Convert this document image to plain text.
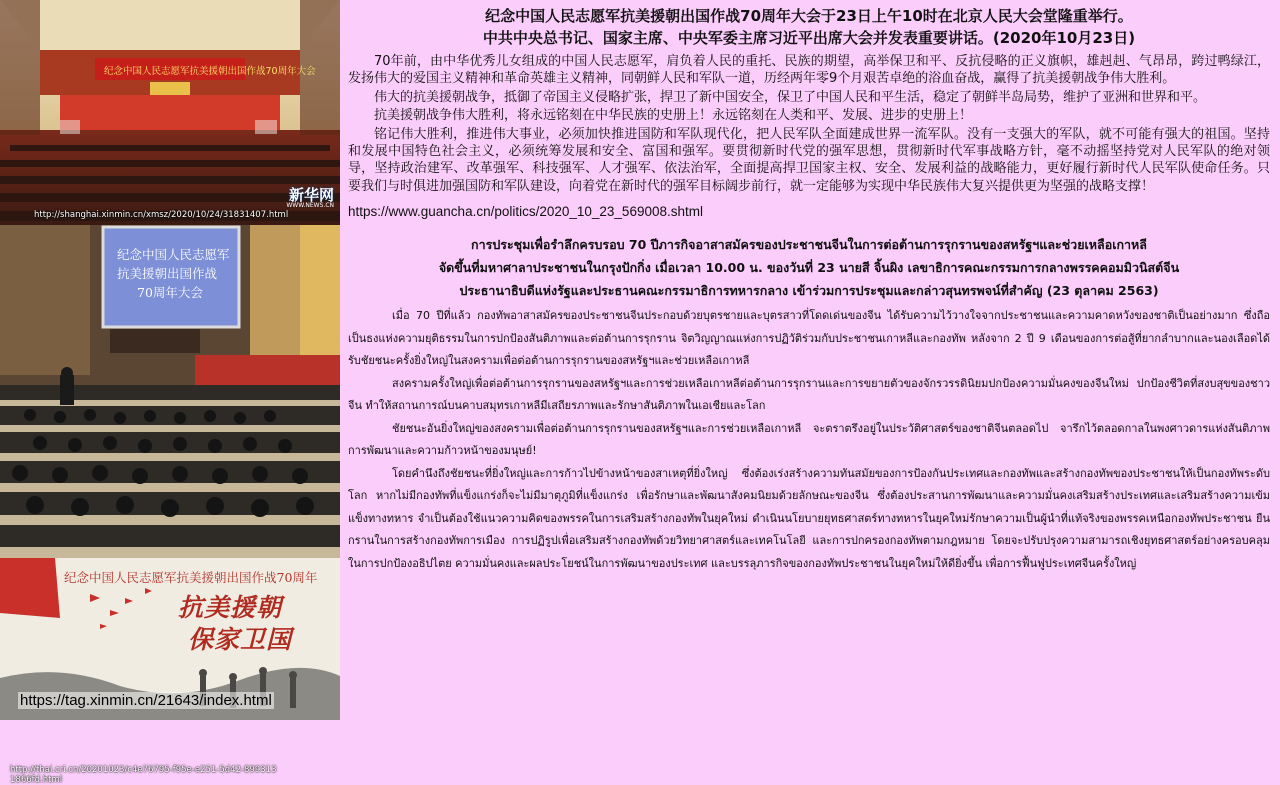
纪念中国人民志愿军抗美援朝出国作战70周年大会
新华网
WWW.NEWS.CN
http://shanghai.xinmin.cn/xmsz/2020/10/24/31831407.html
纪念中国人民志愿军
抗美援朝出国作战
70周年大会
http://thai.cri.cn/20201023/c4e76795-f95e-e251-5d42-8993131866fd.html
纪念中国人民志愿军抗美援朝出国作战70周年
抗美援朝
保家卫国
https://tag.xinmin.cn/21643/index.html
纪念中国人民志愿军抗美援朝出国作战70周年大会于23日上午10时在北京人民大会堂隆重举行。
中共中央总书记、国家主席、中央军委主席习近平出席大会并发表重要讲话。(2020年10月23日)

70年前，由中华优秀儿女组成的中国人民志愿军，肩负着人民的重托、民族的期望，高举保卫和平、反抗侵略的正义旗帜，雄赳赳、气昂昂，跨过鸭绿江，发扬伟大的爱国主义精神和革命英雄主义精神，同朝鲜人民和军队一道，历经两年零9个月艰苦卓绝的浴血奋战，赢得了抗美援朝战争伟大胜利。

伟大的抗美援朝战争，抵御了帝国主义侵略扩张，捍卫了新中国安全，保卫了中国人民和平生活，稳定了朝鲜半岛局势，维护了亚洲和世界和平。

抗美援朝战争伟大胜利，将永远铭刻在中华民族的史册上！永远铭刻在人类和平、发展、进步的史册上！

铭记伟大胜利，推进伟大事业，必须加快推进国防和军队现代化，把人民军队全面建成世界一流军队。没有一支强大的军队，就不可能有强大的祖国。坚持和发展中国特色社会主义，必须统筹发展和安全、富国和强军。要贯彻新时代党的强军思想，贯彻新时代军事战略方针，毫不动摇坚持党对人民军队的绝对领导，坚持政治建军、改革强军、科技强军、人才强军、依法治军，全面提高捍卫国家主权、安全、发展利益的战略能力，更好履行新时代人民军队使命任务。只要我们与时俱进加强国防和军队建设，向着党在新时代的强军目标阔步前行，就一定能够为实现中华民族伟大复兴提供更为坚强的战略支撑！

https://www.guancha.cn/politics/2020_10_23_569008.shtml

การประชุมเพื่อรำลึกครบรอบ 70 ปีภารกิจอาสาสมัครของประชาชนจีนในการต่อต้านการรุกรานของสหรัฐฯและช่วยเหลือเกาหลี
จัดขึ้นที่มหาศาลาประชาชนในกรุงปักกิ่ง เมื่อเวลา 10.00 น. ของวันที่ 23 นายสี จิ้นผิง เลขาธิการคณะกรรมการกลางพรรคคอมมิวนิสต์จีน
ประธานาธิบดีแห่งรัฐและประธานคณะกรรมาธิการทหารกลาง เข้าร่วมการประชุมและกล่าวสุนทรพจน์ที่สำคัญ (23 ตุลาคม 2563)

เมื่อ 70 ปีที่แล้ว กองทัพอาสาสมัครของประชาชนจีนประกอบด้วยบุตรชายและบุตรสาวที่โดดเด่นของจีน ได้รับความไว้วางใจจากประชาชนและความคาดหวังของชาติเป็นอย่างมาก ซึ่งถือเป็นธงแห่งความยุติธรรมในการปกป้องสันติภาพและต่อต้านการรุกราน จิตวิญญาณแห่งการปฏิวัติร่วมกับประชาชนเกาหลีและกองทัพ หลังจาก 2 ปี 9 เดือนของการต่อสู้ที่ยากลำบากและนองเลือดได้รับชัยชนะครั้งยิ่งใหญ่ในสงครามเพื่อต่อต้านการรุกรานของสหรัฐฯและช่วยเหลือเกาหลี

สงครามครั้งใหญ่เพื่อต่อต้านการรุกรานของสหรัฐฯและการช่วยเหลือเกาหลีต่อต้านการรุกรานและการขยายตัวของจักรวรรดินิยมปกป้องความมั่นคงของจีนใหม่ ปกป้องชีวิตที่สงบสุขของชาวจีน ทำให้สถานการณ์บนคาบสมุทรเกาหลีมีเสถียรภาพและรักษาสันติภาพในเอเชียและโลก

ชัยชนะอันยิ่งใหญ่ของสงครามเพื่อต่อต้านการรุกรานของสหรัฐฯและการช่วยเหลือเกาหลี จะตราตรึงอยู่ในประวัติศาสตร์ของชาติจีนตลอดไป จารึกไว้ตลอดกาลในพงศาวดารแห่งสันติภาพการพัฒนาและความก้าวหน้าของมนุษย์!

โดยคำนึงถึงชัยชนะที่ยิ่งใหญ่และการก้าวไปข้างหน้าของสาเหตุที่ยิ่งใหญ่ ซึ่งต้องเร่งสร้างความทันสมัยของการป้องกันประเทศและกองทัพและสร้างกองทัพของประชาชนให้เป็นกองทัพระดับโลก หากไม่มีกองทัพที่แข็งแกร่งก็จะไม่มีมาตุภูมิที่แข็งแกร่ง เพื่อรักษาและพัฒนาสังคมนิยมด้วยลักษณะของจีน ซึ่งต้องประสานการพัฒนาและความมั่นคงเสริมสร้างประเทศและเสริมสร้างความเข้มแข็งทางทหาร จำเป็นต้องใช้แนวความคิดของพรรคในการเสริมสร้างกองทัพในยุคใหม่ ดำเนินนโยบายยุทธศาสตร์ทางทหารในยุคใหม่รักษาความเป็นผู้นำที่แท้จริงของพรรคเหนือกองทัพประชาชน ยืนกรานในการสร้างกองทัพการเมือง การปฏิรูปเพื่อเสริมสร้างกองทัพด้วยวิทยาศาสตร์และเทคโนโลยี และการปกครองกองทัพตามกฎหมาย โดยจะปรับปรุงความสามารถเชิงยุทธศาสตร์อย่างครอบคลุมในการปกป้องอธิปไตย ความมั่นคงและผลประโยชน์ในการพัฒนาของประเทศ และบรรลุภารกิจของกองทัพประชาชนในยุคใหม่ให้ดียิ่งขึ้น เพื่อการฟื้นฟูประเทศจีนครั้งใหญ่
